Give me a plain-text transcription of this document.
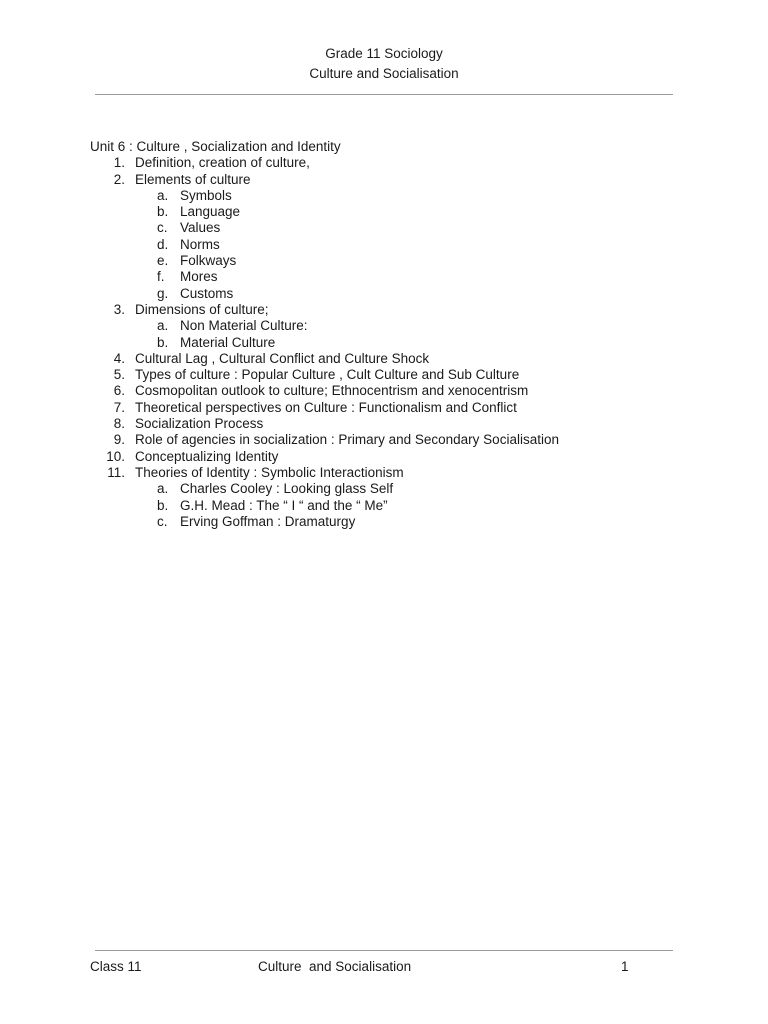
Grade 11 Sociology
Culture and Socialisation
Unit 6 : Culture , Socialization and Identity
1. Definition, creation of culture,
2. Elements of culture
a. Symbols
b. Language
c. Values
d. Norms
e. Folkways
f.	Mores
g. Customs
3. Dimensions of culture;
a. Non Material Culture:
b. Material Culture
4. Cultural Lag , Cultural Conflict and Culture Shock
5. Types of culture : Popular Culture , Cult Culture and Sub Culture
6. Cosmopolitan outlook to culture; Ethnocentrism and xenocentrism
7. Theoretical perspectives on Culture : Functionalism and Conflict
8. Socialization Process
9. Role of agencies in socialization : Primary and Secondary Socialisation
10. Conceptualizing Identity
11. Theories of Identity : Symbolic Interactionism
a. Charles Cooley : Looking glass Self
b. G.H. Mead : The “ I “ and the “ Me”
c. Erving Goffman : Dramaturgy
Class 11	Culture  and Socialisation	1
